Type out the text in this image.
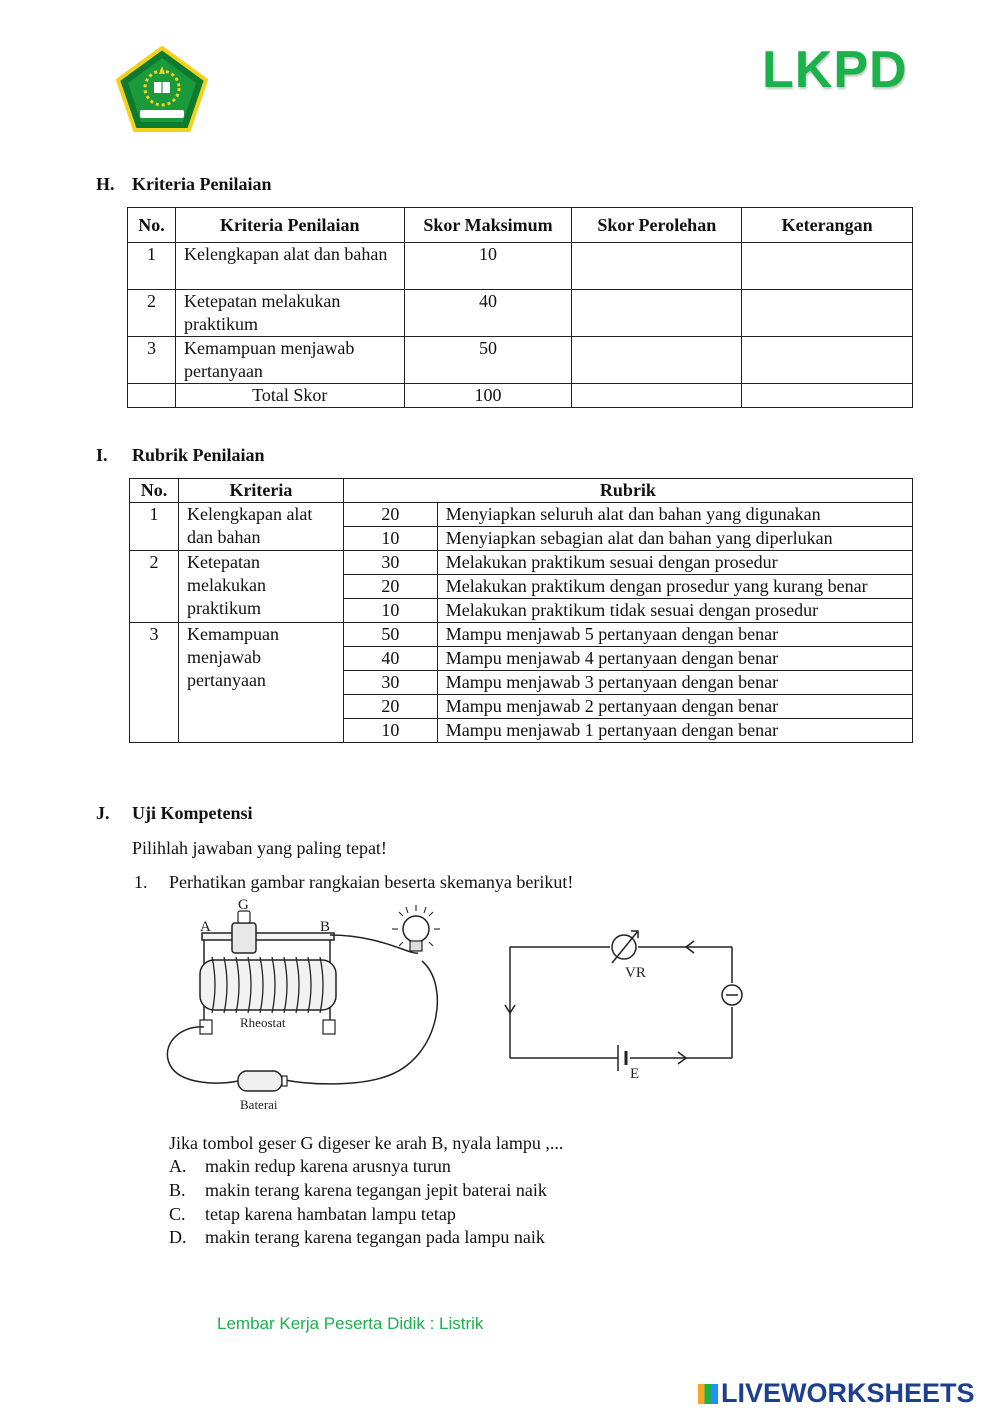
LKPD
H. Kriteria Penilaian
No.	Kriteria Penilaian	Skor Maksimum	Skor Perolehan	Keterangan
1	Kelengkapan alat dan bahan	10		
2	Ketepatan melakukan praktikum	40		
3	Kemampuan menjawab pertanyaan	50		
	Total Skor	100		
I. Rubrik Penilaian
No.	Kriteria	Rubrik	
1	Kelengkapan alat dan bahan	20	Menyiapkan seluruh alat dan bahan yang digunakan
		10	Menyiapkan sebagian alat dan bahan yang diperlukan
2	Ketepatan melakukan praktikum	30	Melakukan praktikum sesuai dengan prosedur
		20	Melakukan praktikum dengan prosedur yang kurang benar
		10	Melakukan praktikum tidak sesuai dengan prosedur
3	Kemampuan menjawab pertanyaan	50	Mampu menjawab 5 pertanyaan dengan benar
		40	Mampu menjawab 4 pertanyaan dengan benar
		30	Mampu menjawab 3 pertanyaan dengan benar
		20	Mampu menjawab 2 pertanyaan dengan benar
		10	Mampu menjawab 1 pertanyaan dengan benar
J. Uji Kompetensi
Pilihlah jawaban yang paling tepat!
1. Perhatikan gambar rangkaian beserta skemanya berikut!
A
G
B
Rheostat
Baterai
VR
E
Jika tombol geser G digeser ke arah B, nyala lampu ,...
A. makin redup karena arusnya turun
B. makin terang karena tegangan jepit baterai naik
C. tetap karena hambatan lampu tetap
D. makin terang karena tegangan pada lampu naik
Lembar Kerja Peserta Didik : Listrik
LIVEWORKSHEETS
